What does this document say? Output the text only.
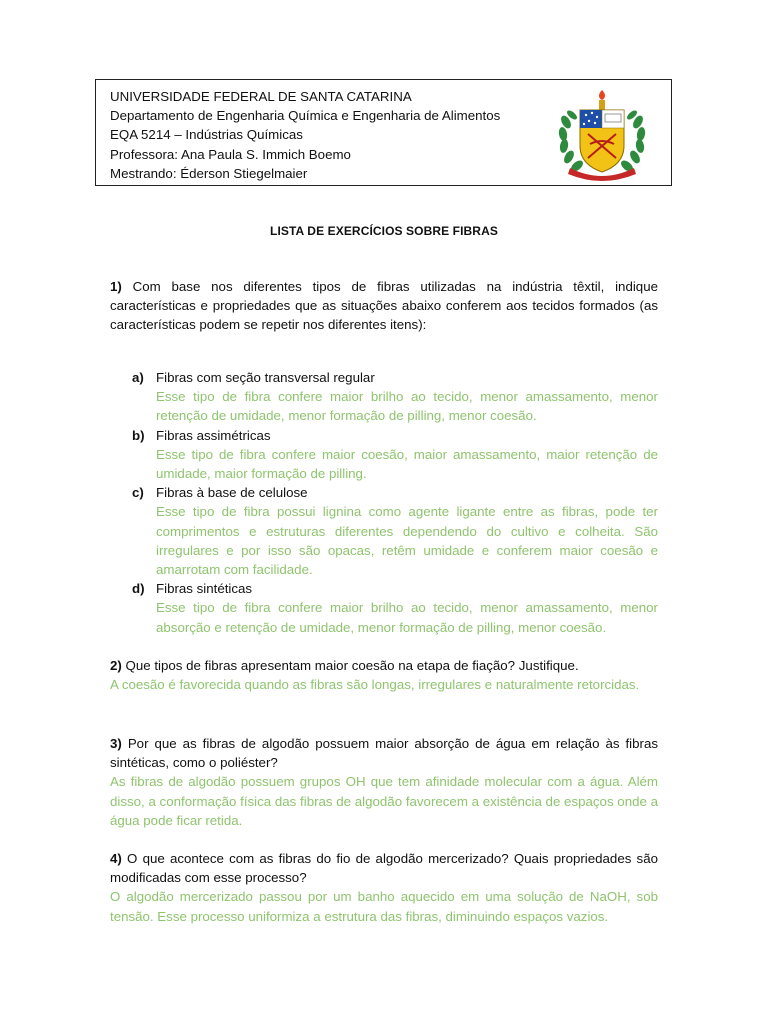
UNIVERSIDADE FEDERAL DE SANTA CATARINA
Departamento de Engenharia Química e Engenharia de Alimentos
EQA 5214 – Indústrias Químicas
Professora: Ana Paula S. Immich Boemo
Mestrando: Éderson Stiegelmaier
LISTA DE EXERCÍCIOS SOBRE FIBRAS
1) Com base nos diferentes tipos de fibras utilizadas na indústria têxtil, indique características e propriedades que as situações abaixo conferem aos tecidos formados (as características podem se repetir nos diferentes itens):
a) Fibras com seção transversal regular
Esse tipo de fibra confere maior brilho ao tecido, menor amassamento, menor retenção de umidade, menor formação de pilling, menor coesão.
b) Fibras assimétricas
Esse tipo de fibra confere maior coesão, maior amassamento, maior retenção de umidade, maior formação de pilling.
c) Fibras à base de celulose
Esse tipo de fibra possui lignina como agente ligante entre as fibras, pode ter comprimentos e estruturas diferentes dependendo do cultivo e colheita. São irregulares e por isso são opacas, retêm umidade e conferem maior coesão e amarrotam com facilidade.
d) Fibras sintéticas
Esse tipo de fibra confere maior brilho ao tecido, menor amassamento, menor absorção e retenção de umidade, menor formação de pilling, menor coesão.
2) Que tipos de fibras apresentam maior coesão na etapa de fiação? Justifique.
A coesão é favorecida quando as fibras são longas, irregulares e naturalmente retorcidas.
3) Por que as fibras de algodão possuem maior absorção de água em relação às fibras sintéticas, como o poliéster?
As fibras de algodão possuem grupos OH que tem afinidade molecular com a água. Além disso, a conformação física das fibras de algodão favorecem a existência de espaços onde a água pode ficar retida.
4) O que acontece com as fibras do fio de algodão mercerizado? Quais propriedades são modificadas com esse processo?
O algodão mercerizado passou por um banho aquecido em uma solução de NaOH, sob tensão. Esse processo uniformiza a estrutura das fibras, diminuindo espaços vazios.
